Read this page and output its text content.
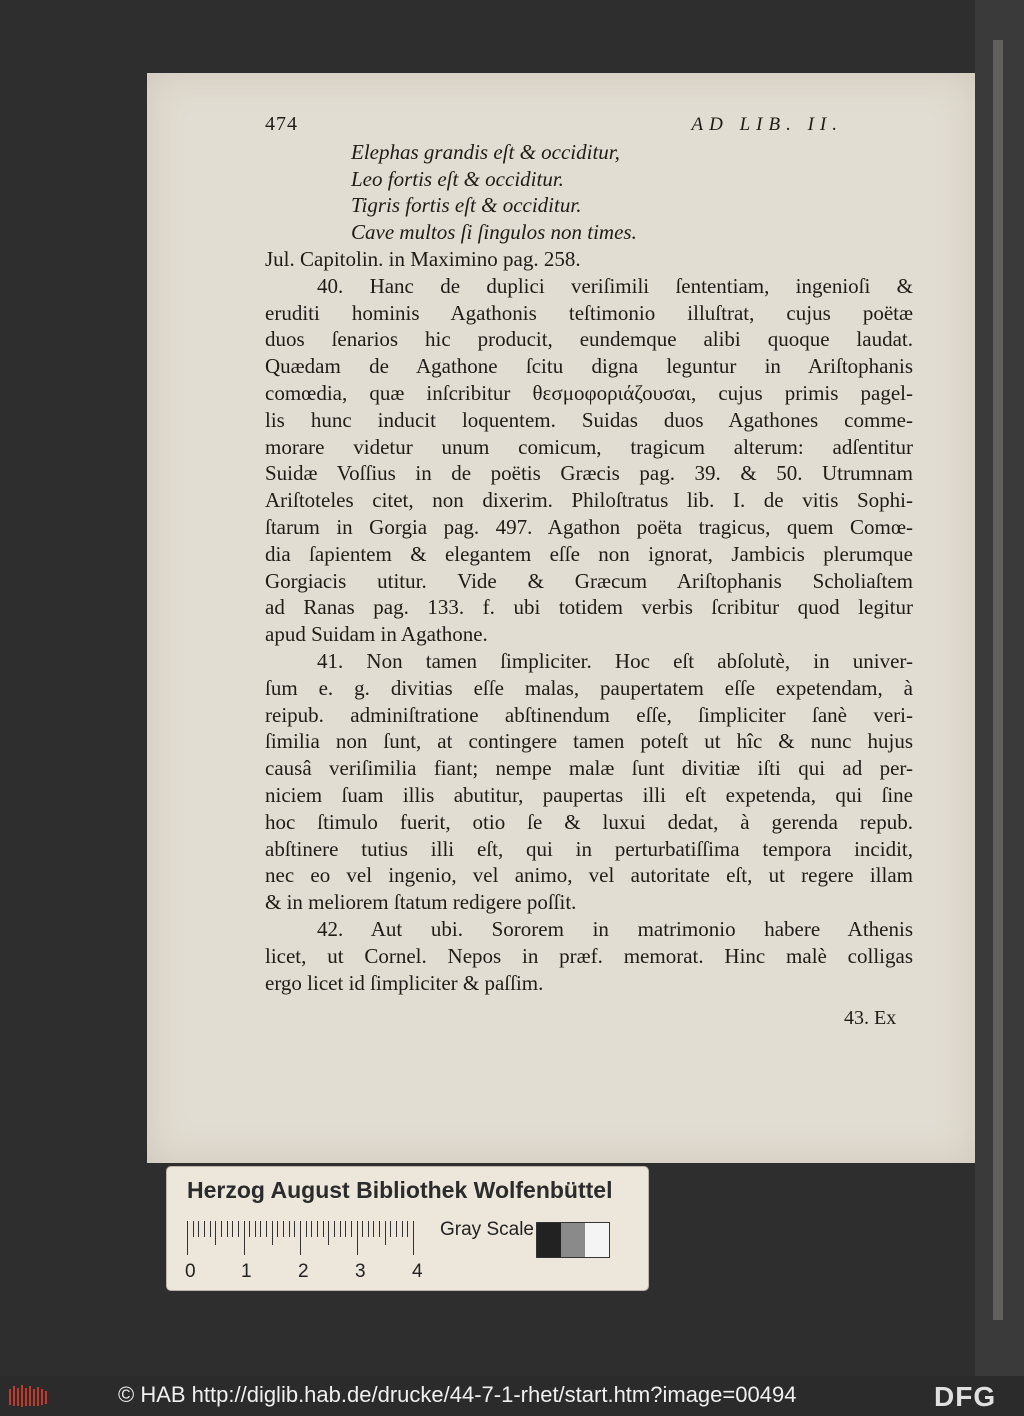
474	AD LIB. II.
Elephas grandis eſt & occiditur,
Leo fortis eſt & occiditur.
Tigris fortis eſt & occiditur.
Cave multos ſi ſingulos non times.
Jul. Capitolin. in Maximino pag. 258.
40. Hanc de duplici veriſimili ſententiam, ingenioſi &
eruditi hominis Agathonis teſtimonio illuſtrat, cujus poëtæ
duos ſenarios hic producit, eundemque alibi quoque laudat.
Quædam de Agathone ſcitu digna leguntur in Ariſtophanis
comœdia, quæ inſcribitur θεσμοφοριάζουσαι, cujus primis pagel-
lis hunc inducit loquentem. Suidas duos Agathones comme-
morare videtur unum comicum, tragicum alterum: adſentitur
Suidæ Voſſius in de poëtis Græcis pag. 39. & 50. Utrumnam
Ariſtoteles citet, non dixerim. Philoſtratus lib. I. de vitis Sophi-
ſtarum in Gorgia pag. 497. Agathon poëta tragicus, quem Comœ-
dia ſapientem & elegantem eſſe non ignorat, Jambicis plerumque
Gorgiacis utitur. Vide & Græcum Ariſtophanis Scholiaſtem
ad Ranas pag. 133. f. ubi totidem verbis ſcribitur quod legitur
apud Suidam in Agathone.
41. Non tamen ſimpliciter. Hoc eſt abſolutè, in univer-
ſum e. g. divitias eſſe malas, paupertatem eſſe expetendam, à
reipub. adminiſtratione abſtinendum eſſe, ſimpliciter ſanè veri-
ſimilia non ſunt, at contingere tamen poteſt ut hîc & nunc hujus
causâ veriſimilia fiant; nempe malæ ſunt divitiæ iſti qui ad per-
niciem ſuam illis abutitur, paupertas illi eſt expetenda, qui ſine
hoc ſtimulo fuerit, otio ſe & luxui dedat, à gerenda repub.
abſtinere tutius illi eſt, qui in perturbatiſſima tempora incidit,
nec eo vel ingenio, vel animo, vel autoritate eſt, ut regere illam
& in meliorem ſtatum redigere poſſit.
42. Aut ubi. Sororem in matrimonio habere Athenis
licet, ut Cornel. Nepos in præf. memorat. Hinc malè colligas
ergo licet id ſimpliciter & paſſim.
43. Ex
Herzog August Bibliothek Wolfenbüttel
0 1 2 3 4
Gray Scale
© HAB http://diglib.hab.de/drucke/44-7-1-rhet/start.htm?image=00494	DFG
